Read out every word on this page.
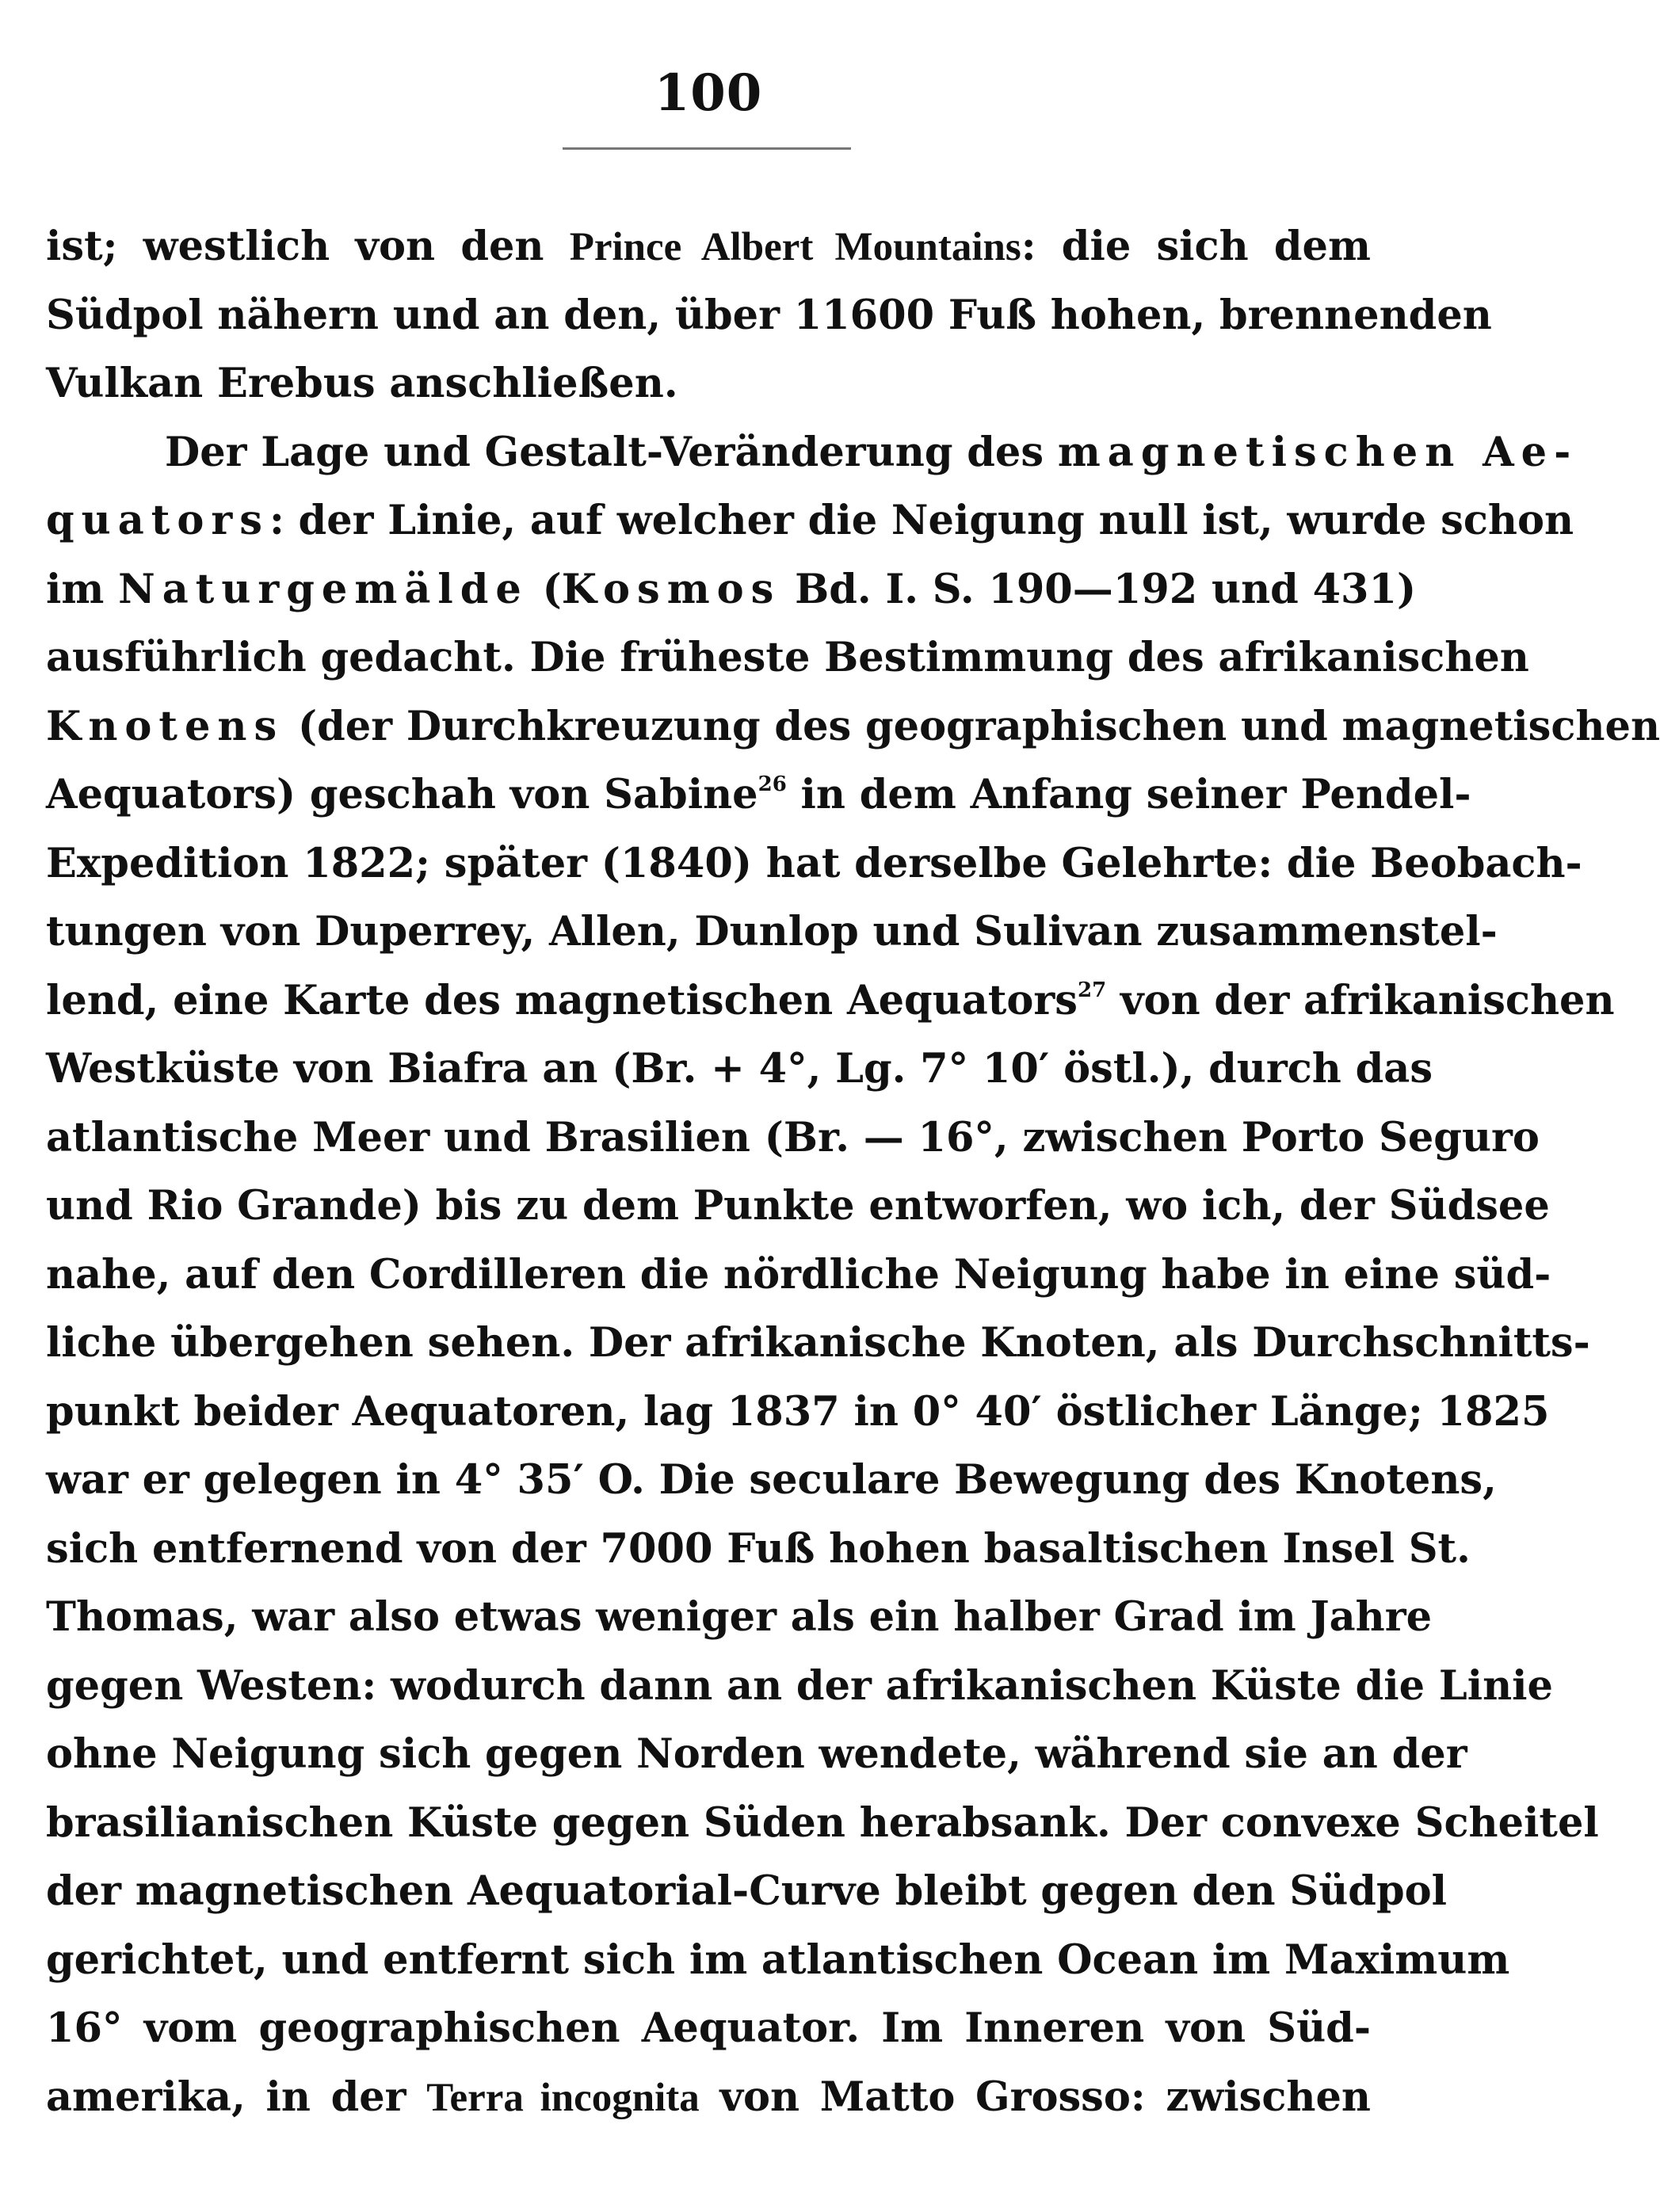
100
ist; westlich von den Prince Albert Mountains: die sich dem
Südpol nähern und an den, über 11600 Fuß hohen, brennenden
Vulkan Erebus anschließen.
Der Lage und Gestalt-Veränderung des magnetischen Ae-
quators: der Linie, auf welcher die Neigung null ist, wurde schon
im Naturgemälde (Kosmos Bd. I. S. 190—192 und 431)
ausführlich gedacht. Die früheste Bestimmung des afrikanischen
Knotens (der Durchkreuzung des geographischen und magnetischen
Aequators) geschah von Sabine$^{26}$ in dem Anfang seiner Pendel-
Expedition 1822; später (1840) hat derselbe Gelehrte: die Beobach-
tungen von Duperrey, Allen, Dunlop und Sulivan zusammenstel-
lend, eine Karte des magnetischen Aequators$^{27}$ von der afrikanischen
Westküste von Biafra an (Br. + 4°, Lg. 7° 10′ östl.), durch das
atlantische Meer und Brasilien (Br. — 16°, zwischen Porto Seguro
und Rio Grande) bis zu dem Punkte entworfen, wo ich, der Südsee
nahe, auf den Cordilleren die nördliche Neigung habe in eine süd-
liche übergehen sehen. Der afrikanische Knoten, als Durchschnitts-
punkt beider Aequatoren, lag 1837 in 0° 40′ östlicher Länge; 1825
war er gelegen in 4° 35′ O. Die seculare Bewegung des Knotens,
sich entfernend von der 7000 Fuß hohen basaltischen Insel St.
Thomas, war also etwas weniger als ein halber Grad im Jahre
gegen Westen: wodurch dann an der afrikanischen Küste die Linie
ohne Neigung sich gegen Norden wendete, während sie an der
brasilianischen Küste gegen Süden herabsank. Der convexe Scheitel
der magnetischen Aequatorial-Curve bleibt gegen den Südpol
gerichtet, und entfernt sich im atlantischen Ocean im Maximum
16° vom geographischen Aequator. Im Inneren von Süd-
amerika, in der Terra incognita von Matto Grosso: zwischen
